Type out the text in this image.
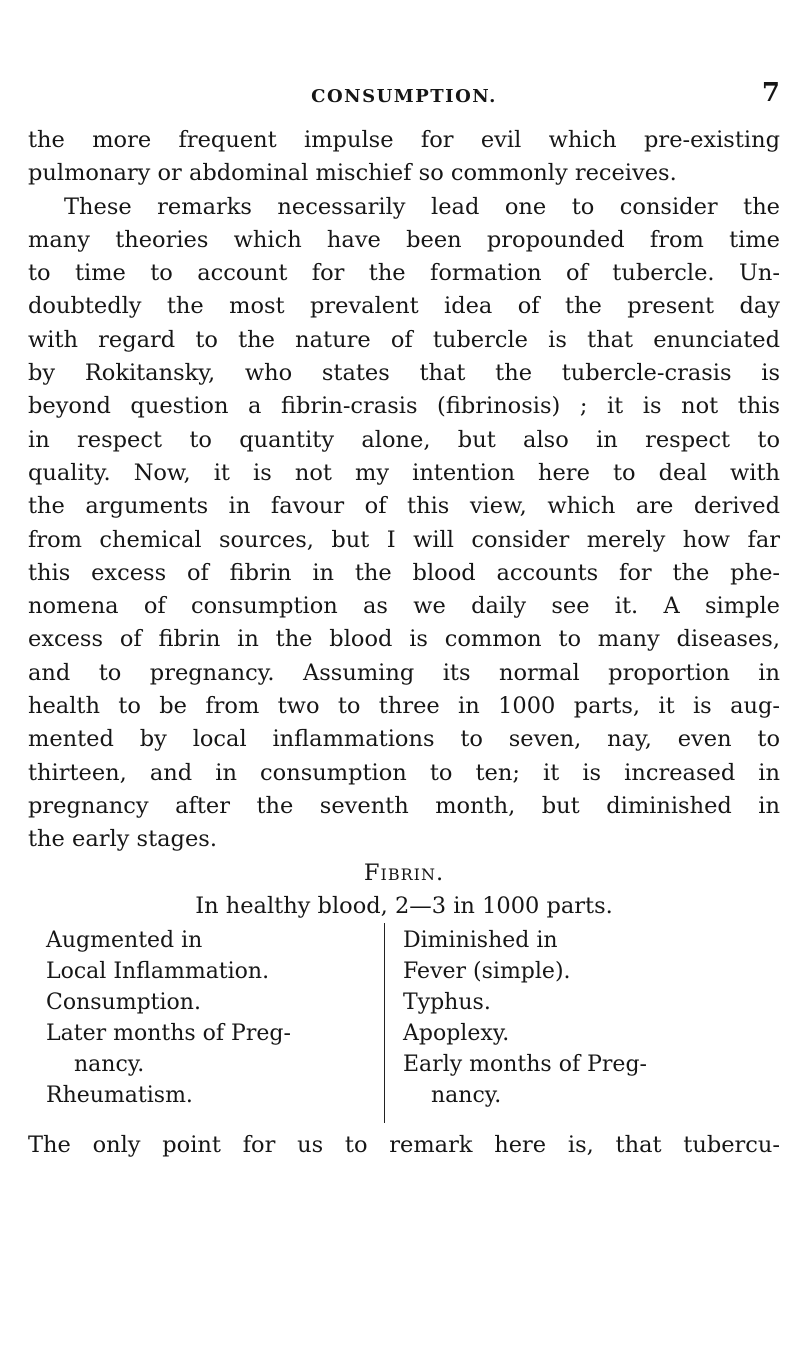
CONSUMPTION.	7
the more frequent impulse for evil which pre-existing
pulmonary or abdominal mischief so commonly receives.
These remarks necessarily lead one to consider the
many theories which have been propounded from time
to time to account for the formation of tubercle. Un-
doubtedly the most prevalent idea of the present day
with regard to the nature of tubercle is that enunciated
by Rokitansky, who states that the tubercle-crasis is
beyond question a fibrin-crasis (fibrinosis) ; it is not this
in respect to quantity alone, but also in respect to
quality. Now, it is not my intention here to deal with
the arguments in favour of this view, which are derived
from chemical sources, but I will consider merely how far
this excess of fibrin in the blood accounts for the phe-
nomena of consumption as we daily see it. A simple
excess of fibrin in the blood is common to many diseases,
and to pregnancy. Assuming its normal proportion in
health to be from two to three in 1000 parts, it is aug-
mented by local inflammations to seven, nay, even to
thirteen, and in consumption to ten; it is increased in
pregnancy after the seventh month, but diminished in
the early stages.
Fibrin.
In healthy blood, 2—3 in 1000 parts.
Augmented in
Local Inflammation.
Consumption.
Later months of Preg-
nancy.
Rheumatism.
Diminished in
Fever (simple).
Typhus.
Apoplexy.
Early months of Preg-
nancy.
The only point for us to remark here is, that tubercu-
